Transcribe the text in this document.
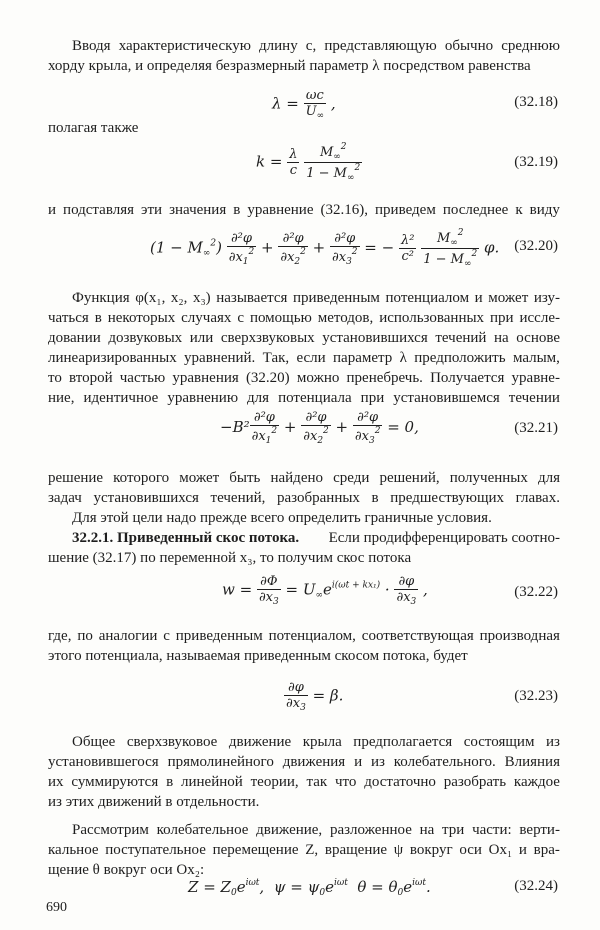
Вводя характеристическую длину c, представляющую обычно среднюю
хорду крыла, и определяя безразмерный параметр λ посредством равенства
$\lambda = \frac{\omega c}{U_\infty}$ ,	(32.18)
полагая также
$k = \frac{\lambda}{c}$
$\frac{M_\infty^2}{1 - M_\infty^2}$	(32.19)
и подставляя эти значения в уравнение (32.16), приведем последнее к виду
$(1 - M_\infty^2) \frac{\text{∂²φ}}{\partial x_1^2} + \frac{\text{∂²φ}}{\partial x_2^2} + \frac{\text{∂²φ}}{\partial x_3^2}$ = − $\frac{\text{λ²}}{\text{c²}}$
$\frac{M_\infty^2}{1 - M_\infty^2} \varphi$. (32.20)
Функция φ(x₁, x₂, x₃) называется приведенным потенциалом и может изу-
чаться в некоторых случаях с помощью методов, использованных при иссле-
довании дозвуковых или сверхзвуковых установившихся течений на основе
линеаризированных уравнений. Так, если параметр λ предположить малым,
то второй частью уравнения (32.20) можно пренебречь. Получается уравне-
ние, идентичное уравнению для потенциала при установившемся течении
$-B^2 \frac{\text{∂²φ}}{\partial x_1^2} + \frac{\text{∂²φ}}{\partial x_2^2} + \frac{\text{∂²φ}}{\partial x_3^2} = 0$,	(32.21)
решение которого может быть найдено среди решений, полученных для
задач установившихся течений, разобранных в предшествующих главах.
Для этой цели надо прежде всего определить граничные условия.
32.2.1. Приведенный скос потока. Если продифференцировать соотно-
шение (32.17) по переменной x₃, то получим скос потока
$w = \frac{\partial\Phi}{\partial x_3} = U_\infty e^{i(\omega t + kx_1)} \cdot \frac{\partial\varphi}{\partial x_3}$ ,	(32.22)
где, по аналогии с приведенным потенциалом, соответствующая производная
этого потенциала, называемая приведенным скосом потока, будет
$\frac{\partial\varphi}{\partial x_3} = \beta$.	(32.23)
Общее сверхзвуковое движение крыла предполагается состоящим из
установившегося прямолинейного движения и из колебательного. Влияния
их суммируются в линейной теории, так что достаточно разобрать каждое
из этих движений в отдельности.
Рассмотрим колебательное движение, разложенное на три части: верти-
кальное поступательное перемещение Z, вращение ψ вокруг оси Ox₁ и вра-
щение θ вокруг оси Ox₂:
$Z = Z_0e^{i\omega t}$,  $\psi = \psi_0e^{i\omega t}$  $\theta = \theta_0e^{i\omega t}$.	(32.24)
690
